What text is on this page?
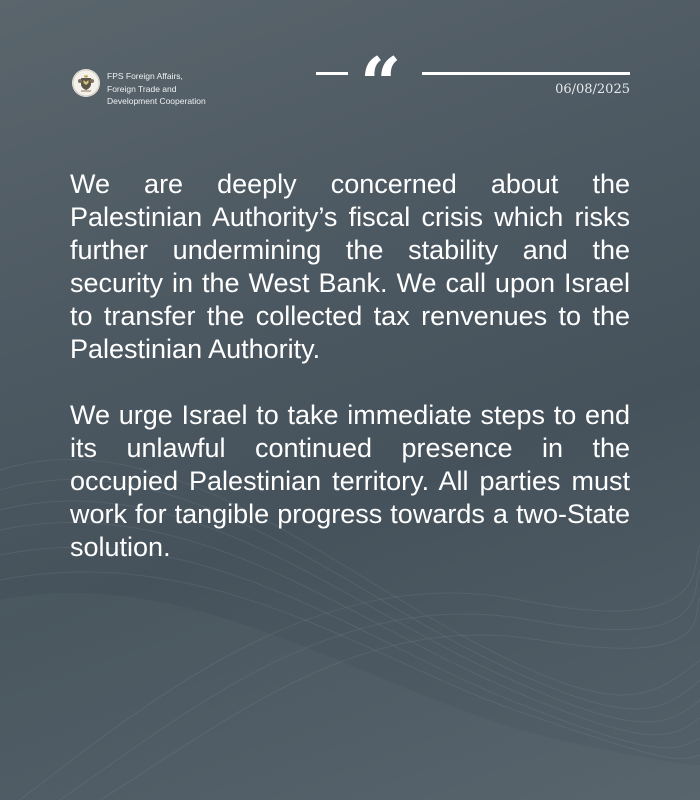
FPS Foreign Affairs,
Foreign Trade and
Development Cooperation “	06/08/2025

We are deeply concerned about the Palestinian Authority’s fiscal crisis which risks further undermining the stability and the security in the West Bank. We call upon Israel to transfer the collected tax renvenues to the Palestinian Authority.

We urge Israel to take immediate steps to end its unlawful continued presence in the occupied Palestinian territory. All parties must work for tangible progress towards a two-State solution.
